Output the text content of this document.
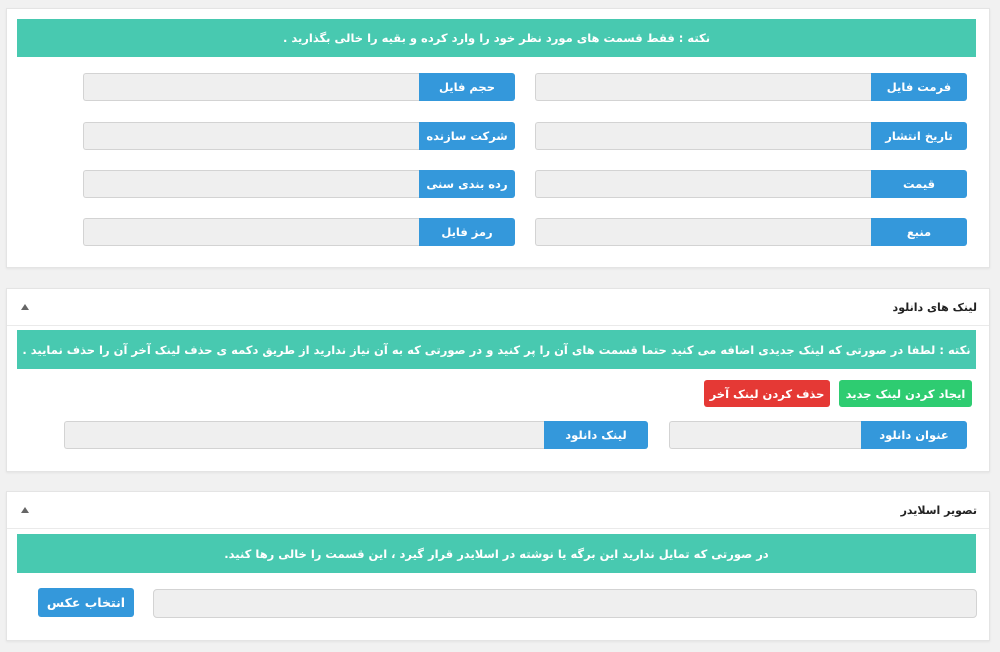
نکته : فقط قسمت های مورد نظر خود را وارد کرده و بقیه را خالی بگذارید .
فرمت فایل
حجم فایل
تاریخ انتشار
شرکت سازنده
قیمت
رده بندی سنی
منبع
رمز فایل
لینک های دانلود
نکته : لطفا در صورتی که لینک جدیدی اضافه می کنید حتما قسمت های آن را پر کنید و در صورتی که به آن نیاز ندارید از طریق دکمه ی حذف لینک آخر آن را حذف نمایید .
ایجاد کردن لینک جدید
حذف کردن لینک آخر
عنوان دانلود
لینک دانلود
تصویر اسلایدر
در صورتی که تمایل ندارید این برگه یا نوشته در اسلایدر قرار گیرد ، این قسمت را خالی رها کنید.
انتخاب عکس
